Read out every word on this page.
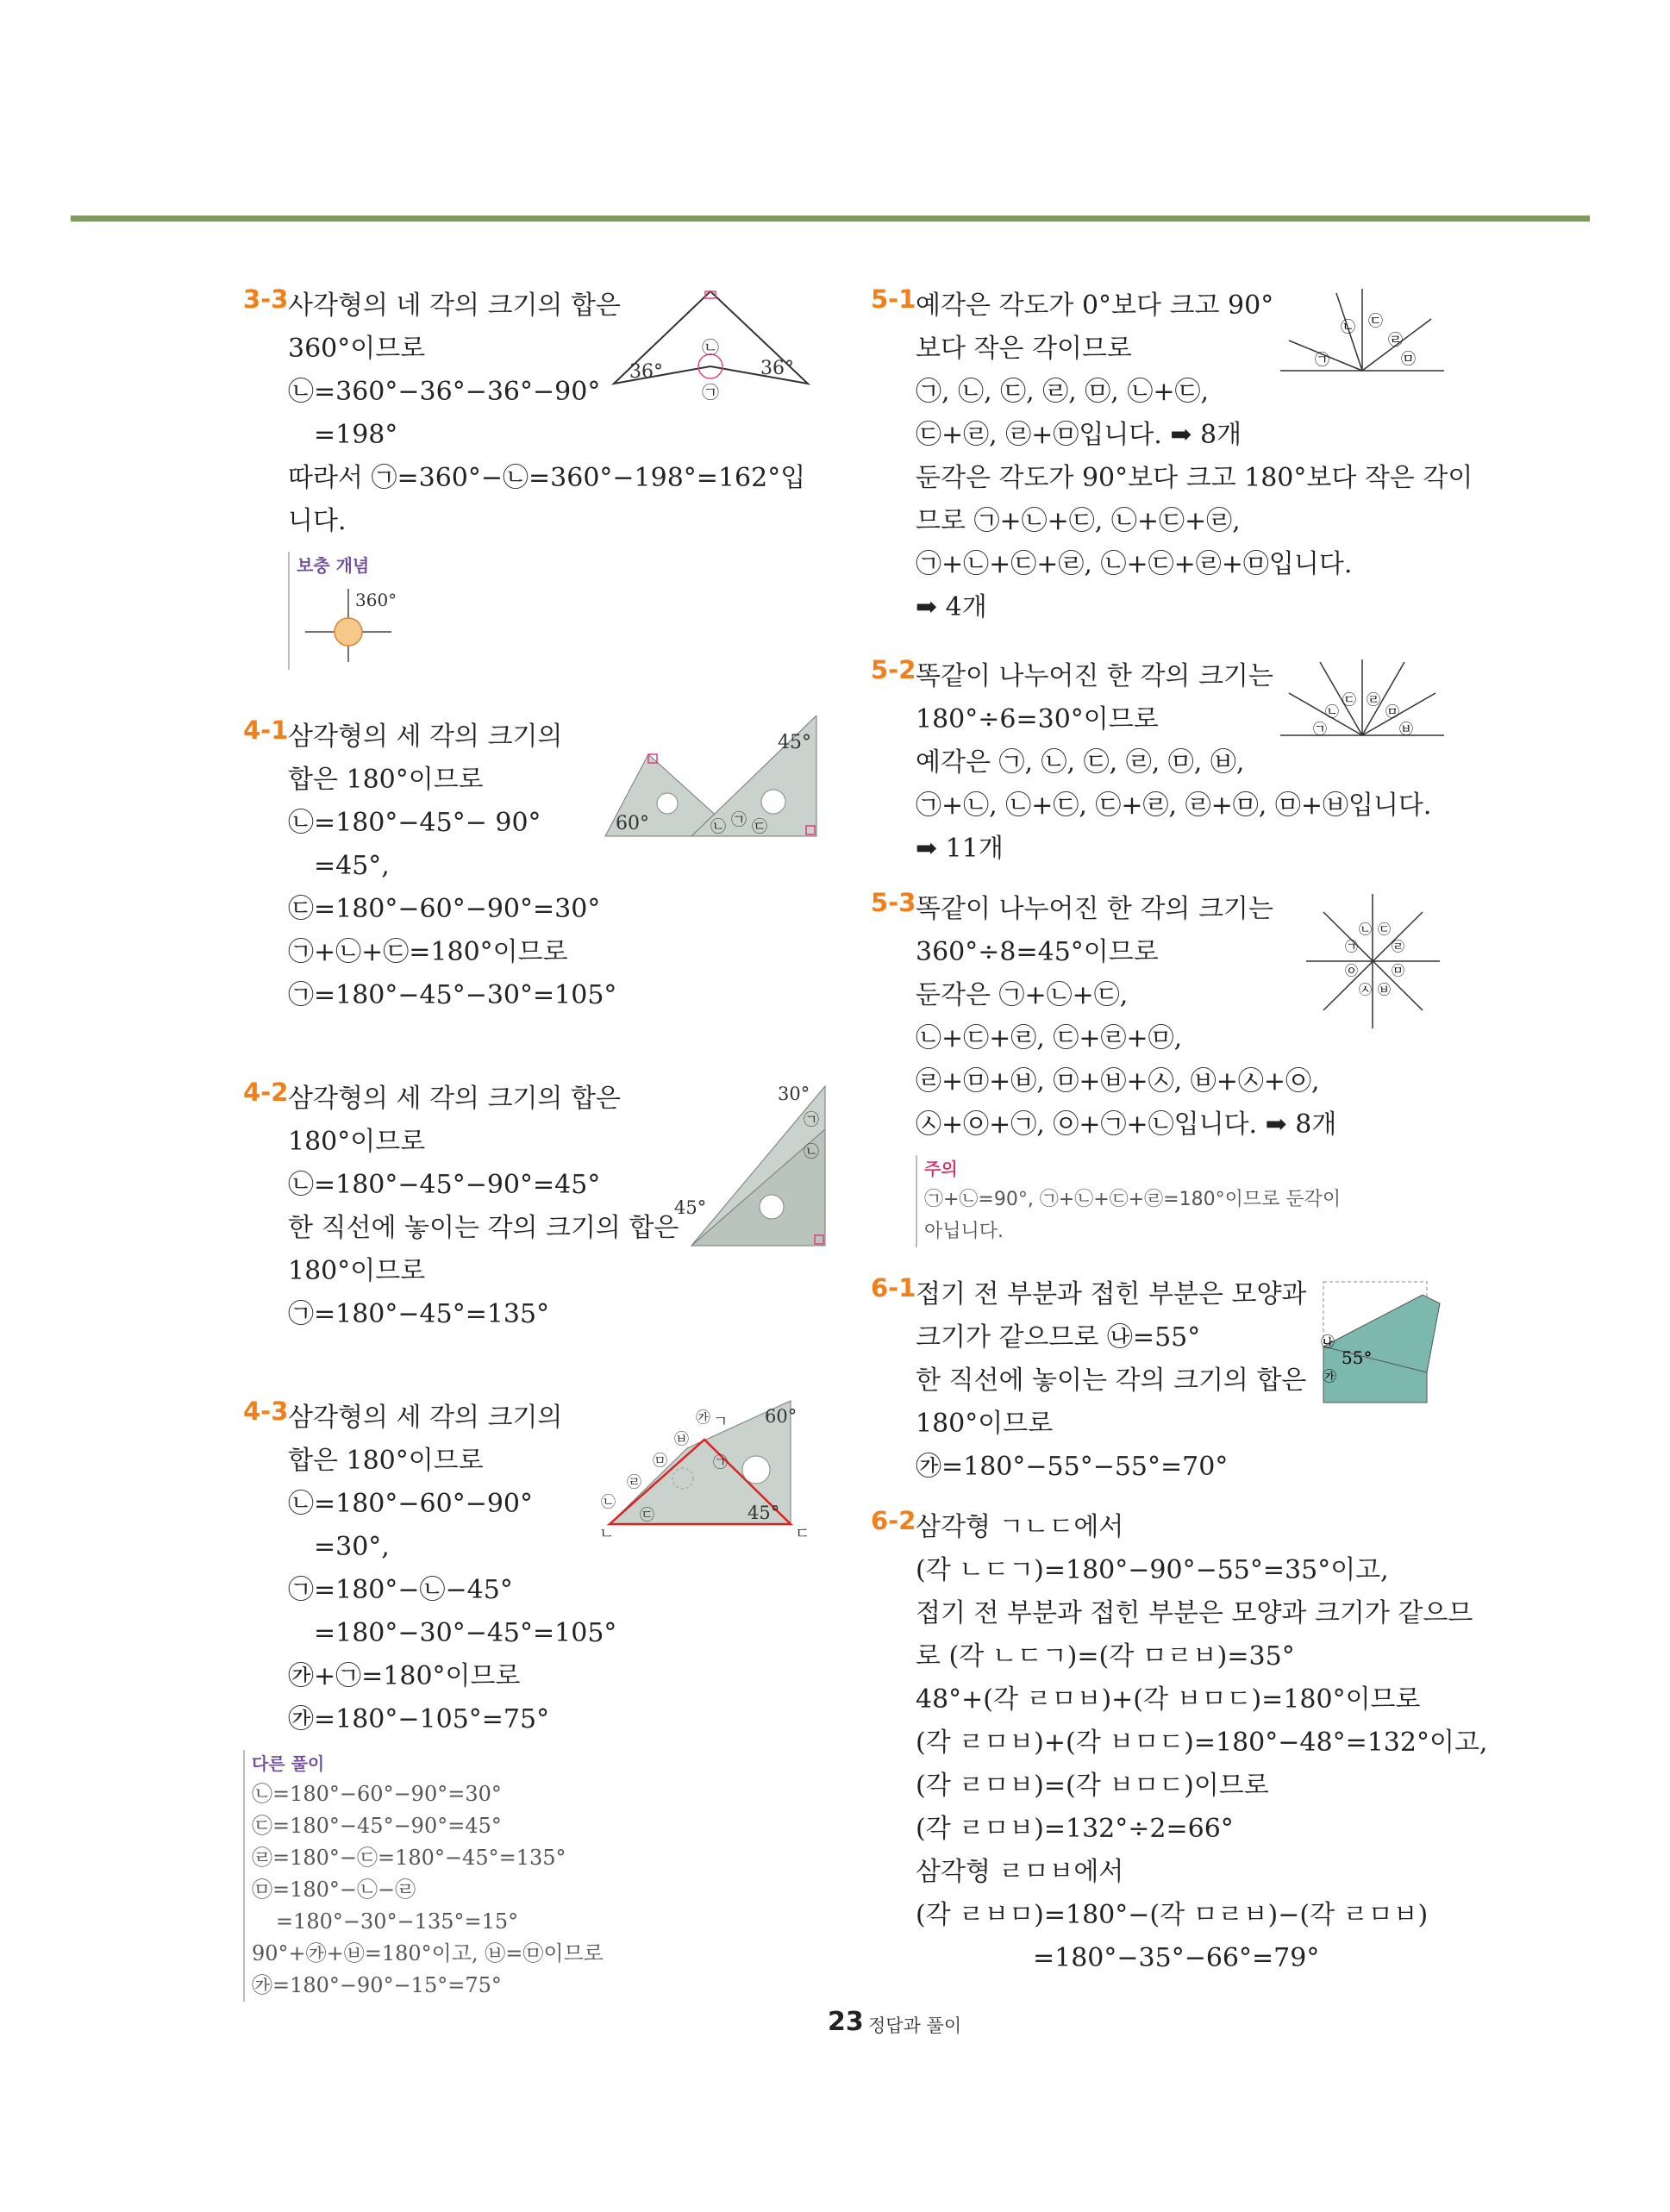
3-3 사각형의 네 각의 크기의 합은
360°이므로
㉡=360°−36°−36°−90°
=198°
따라서 ㉠=360°−㉡=360°−198°=162°입
니다.
보충 개념
360°
36°	36°
㉡
㉠
4-1 삼각형의 세 각의 크기의
합은 180°이므로
㉡=180°−45°− 90°
=45°,
㉢=180°−60°−90°=30°
㉠+㉡+㉢=180°이므로
㉠=180°−45°−30°=105°
45°
60°	㉡ ㉠ ㉢
4-2 삼각형의 세 각의 크기의 합은
180°이므로
㉡=180°−45°−90°=45°
한 직선에 놓이는 각의 크기의 합은
180°이므로
㉠=180°−45°=135°
30°
㉠
㉡
45°
4-3 삼각형의 세 각의 크기의
합은 180°이므로
㉡=180°−60°−90°
=30°,
㉠=180°−㉡−45°
=180°−30°−45°=105°
㉮+㉠=180°이므로
㉮=180°−105°=75°
다른 풀이
㉡=180°−60°−90°=30°
㉢=180°−45°−90°=45°
㉣=180°−㉢=180°−45°=135°
㉤=180°−㉡−㉣
=180°−30°−135°=15°
90°+㉮+㉥=180°이고, ㉥=㉤이므로
㉮=180°−90°−15°=75°
60°
45°
㉮
㉥
㉤
㉣
㉠
㉡
㉢
ㄱ
ㄴ	ㄷ
5-1 예각은 각도가 0°보다 크고 90°
보다 작은 각이므로
㉠, ㉡, ㉢, ㉣, ㉤, ㉡+㉢,
㉢+㉣, ㉣+㉤입니다. ➡ 8개
둔각은 각도가 90°보다 크고 180°보다 작은 각이
므로 ㉠+㉡+㉢, ㉡+㉢+㉣,
㉠+㉡+㉢+㉣, ㉡+㉢+㉣+㉤입니다.
➡ 4개
㉠
㉡ ㉢
㉣
㉤
5-2 똑같이 나누어진 한 각의 크기는
180°÷6=30°이므로
예각은 ㉠, ㉡, ㉢, ㉣, ㉤, ㉥,
㉠+㉡, ㉡+㉢, ㉢+㉣, ㉣+㉤, ㉤+㉥입니다.
➡ 11개
㉠
㉡
㉢ ㉣
㉤
㉥
5-3 똑같이 나누어진 한 각의 크기는
360°÷8=45°이므로
둔각은 ㉠+㉡+㉢,
㉡+㉢+㉣, ㉢+㉣+㉤,
㉣+㉤+㉥, ㉤+㉥+㉦, ㉥+㉦+㉧,
㉦+㉧+㉠, ㉧+㉠+㉡입니다. ➡ 8개
주의
㉠+㉡=90°, ㉠+㉡+㉢+㉣=180°이므로 둔각이
아닙니다.
㉠
㉡ ㉢
㉣
㉤
㉥
㉦
㉧
6-1 접기 전 부분과 접힌 부분은 모양과
크기가 같으므로 ㉯=55°
한 직선에 놓이는 각의 크기의 합은
180°이므로
㉮=180°−55°−55°=70°
㉯
55°
㉮
6-2 삼각형 ㄱㄴㄷ에서
(각 ㄴㄷㄱ)=180°−90°−55°=35°이고,
접기 전 부분과 접힌 부분은 모양과 크기가 같으므
로 (각 ㄴㄷㄱ)=(각 ㅁㄹㅂ)=35°
48°+(각 ㄹㅁㅂ)+(각 ㅂㅁㄷ)=180°이므로
(각 ㄹㅁㅂ)+(각 ㅂㅁㄷ)=180°−48°=132°이고,
(각 ㄹㅁㅂ)=(각 ㅂㅁㄷ)이므로
(각 ㄹㅁㅂ)=132°÷2=66°
삼각형 ㄹㅁㅂ에서
(각 ㄹㅂㅁ)=180°−(각 ㅁㄹㅂ)−(각 ㄹㅁㅂ)
=180°−35°−66°=79°
23 정답과 풀이
